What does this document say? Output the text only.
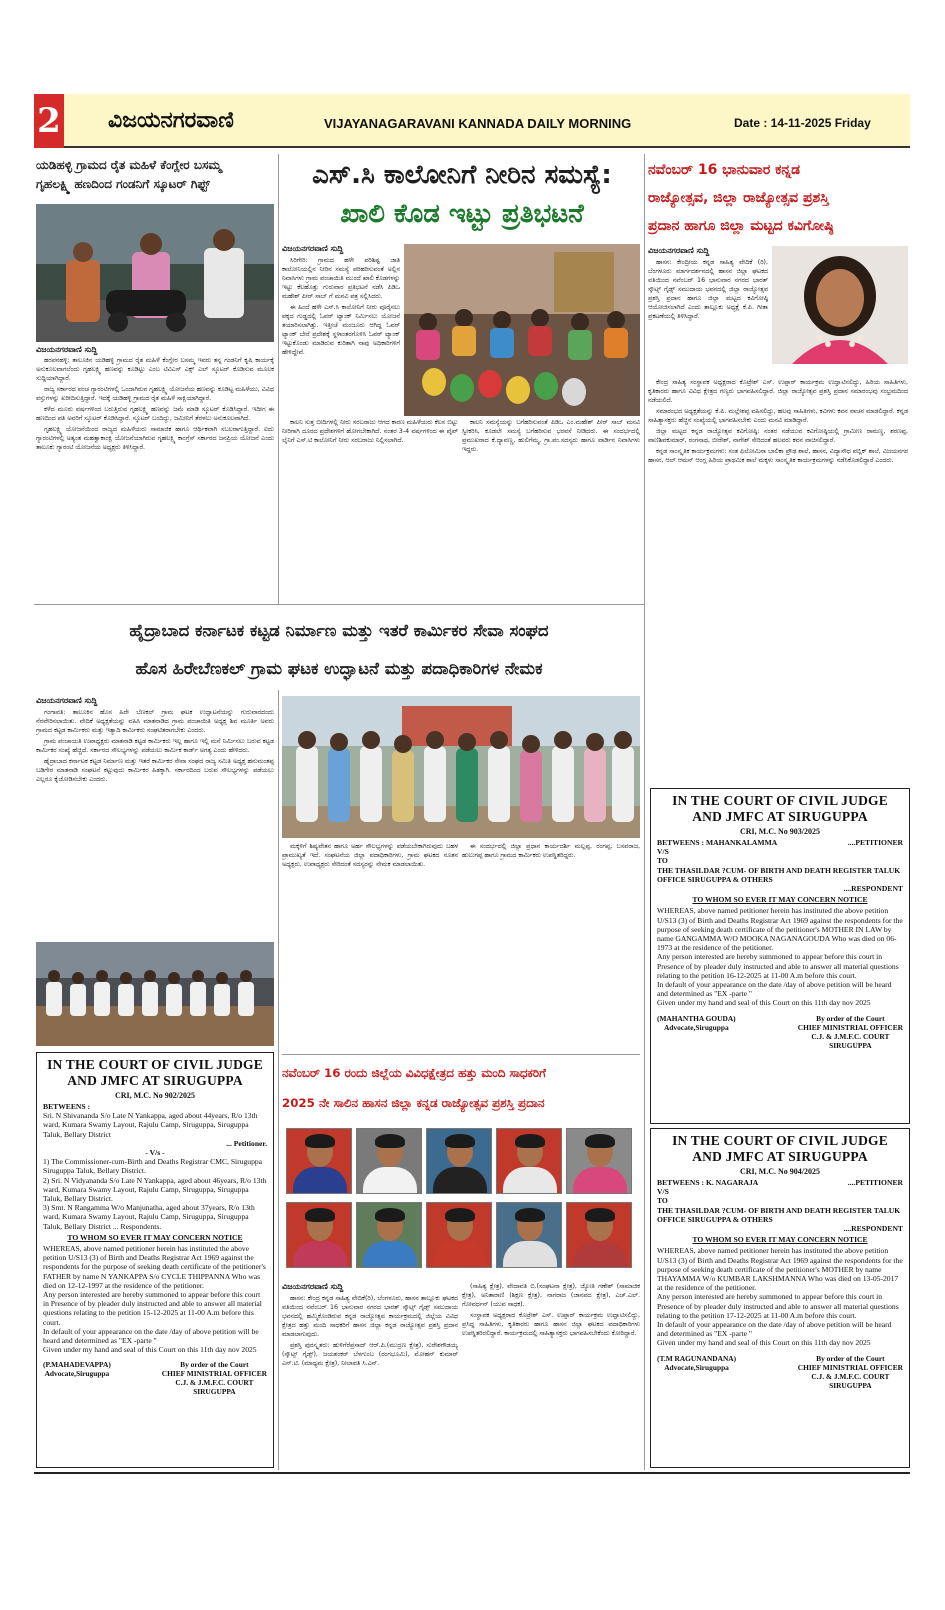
2 ವಿಜಯನಗರವಾಣಿ	VIJAYANAGARAVANI KANNADA DAILY MORNING	Date : 14-11-2025 Friday
ಯಡಿಹಳ್ಳಿ ಗ್ರಾಮದ ರೈತ ಮಹಿಳೆ ಕೆಂಗ್ಲೇರ ಬಸಮ್ಮ
ಗೃಹಲಕ್ಷ್ಮಿ ಹಣದಿಂದ ಗಂಡನಿಗೆ ಸ್ಕೂಟರ್ ಗಿಫ್ಟ್
ವಿಜಯನಗರವಾಣಿ ಸುದ್ದಿ

ಹರಪನಹಳ್ಳಿ: ತಾಲೂಕಿನ ಯಡಿಹಳ್ಳಿ ಗ್ರಾಮದ ರೈತ ಮಹಿಳೆ ಕೆಂಗ್ಲೇರ ಬಸಮ್ಮ ಇವರು ತನ್ನ ಗಂಡನಿಗೆ ಕೃಷಿ ಕಾರ್ಯಕ್ಕೆ ಅನುಕೂಲವಾಗಲೆಂದು ಗೃಹಲಕ್ಷ್ಮಿ ಹಣವನ್ನು ಕೂಡಿಟ್ಟು ಎಂಬ ಟಿವಿಎಸ್ ಎಕ್ಸ್ ಎಲ್ ಸ್ಕೂಟರ್ ಕೊಡಿಸುವ ಮೂಲಕ ಸುದ್ದಿಯಾಗಿದ್ದಾರೆ.

ರಾಜ್ಯ ಸರ್ಕಾರದ ಪಂಚ ಗ್ಯಾರಂಟಿಗಳಲ್ಲಿ ಒಂದಾಗಿರುವ ಗೃಹಲಕ್ಷ್ಮಿ ಯೋಜನೆಯ ಹಣವನ್ನು ಕೂಡಿಟ್ಟ ಮಹಿಳೆಯು, ವಿವಿಧ ವಸ್ತುಗಳನ್ನು ಖರೀದಿಸುತ್ತಿದ್ದಾರೆ. ಇದಕ್ಕೆ ಯಡಿಹಳ್ಳಿ ಗ್ರಾಮದ ರೈತ ಮಹಿಳೆ ಸಾಕ್ಷಿಯಾಗಿದ್ದಾರೆ.

ಕಳೆದ ಮೂರು ವರ್ಷಗಳಿಂದ ಬರುತ್ತಿರುವ ಗೃಹಲಕ್ಷ್ಮಿ ಹಣವನ್ನು ಜಮೆ ಮಾಡಿ ಸ್ಕೂಟರ್ ಕೊಡಿಸಿದ್ದಾರೆ. ಇದೀಗ ಈ ಹಣದಿಂದ ಪತಿ ಅವರಿಗೆ ಸ್ಕೂಟರ್ ಕೊಡಿಸಿದ್ದಾರೆ. ಸ್ಕೂಟರ್ ಬಂದಿದ್ದು, ಜಮೀನಿಗೆ ತೆರಳಲು ಅನುಕೂಲವಾಗಿದೆ.

ಗೃಹಲಕ್ಷ್ಮಿ ಯೋಜನೆಯಿಂದ ರಾಜ್ಯದ ಮಹಿಳೆಯರು ಸಾಮಾಜಿಕ ಹಾಗೂ ಆರ್ಥಿಕವಾಗಿ ಸಬಲರಾಗುತ್ತಿದ್ದಾರೆ. ಐದು ಗ್ಯಾರಂಟಿಗಳಲ್ಲಿ ಅತ್ಯಂತ ಮಹತ್ವಾಕಾಂಕ್ಷಿ ಯೋಜನೆಯಾಗಿರುವ ಗೃಹಲಕ್ಷ್ಮಿ ಕಾಂಗ್ರೆಸ್ ಸರ್ಕಾರದ ಜನಪ್ರಿಯ ಯೋಜನೆ ಎಂದು ತಾಲೂಕು ಗ್ಯಾರಂಟಿ ಯೋಜನೆಯ ಅಧ್ಯಕ್ಷರು ತಿಳಿಸಿದ್ದಾರೆ.

ಎಸ್.ಸಿ ಕಾಲೋನಿಗೆ ನೀರಿನ ಸಮಸ್ಯೆ:
ಖಾಲಿ ಕೊಡ ಇಟ್ಟು ಪ್ರತಿಭಟನೆ
ವಿಜಯನಗರವಾಣಿ ಸುದ್ದಿ

ಸಿರಿಗೇರಿ: ಗ್ರಾಮದ ಹಳೇ ಪರಿಶಿಷ್ಟ ಜಾತಿ ಕಾಲೋನಿಯಲ್ಲಿನ ನೀರಿನ ಸಮಸ್ಯೆ ಪರಿಹರಿಸುವಂತೆ ಅಲ್ಲಿನ ನಿವಾಸಿಗಳು ಗ್ರಾಮ ಪಂಚಾಯಿತಿ ಮುಂದೆ ಖಾಲಿ ಕೊಡಗಳನ್ನು ಇಟ್ಟು ಕೆಲಹೊತ್ತು ಗುರುವಾರ ಪ್ರತಿಭಟನೆ ನಡೆಸಿ ಪಿಡಿಒ ಮಹೇಶ್ ಪೀರ್ ಸಾಬ್ ಗೆ ಮನವಿ ಪತ್ರ ಸಲ್ಲಿಸಿದರು.

ಈ ಹಿಂದೆ ಹಳೇ ಎಸ್.ಸಿ ಕಾಲೋನಿಗೆ ನೀರು ಪೂರೈಸಲು ಪಕ್ಕದ ಗುಡ್ಡದಲ್ಲಿ ಓವರ್ ಟ್ಯಾಂಕ್ ನಿರ್ಮಿಸಲು ಯೋಜನೆ ತಯಾರಿಸಲಾಗಿತ್ತು. ಇತ್ತೀಚೆ ಮಂಜೂರು ಆಗಿದ್ದ ಓವರ್ ಟ್ಯಾಂಕ್ ಬೇರೆ ಪ್ರದೇಶಕ್ಕೆ ಸ್ಥಳಾಂತರಗೊಳಿಸಿ ಓವರ್ ಟ್ಯಾಂಕ್ ಇಟ್ಟುಕೊಂಡು ಮಾಡಿರುವ ಕುರಿತಾಗಿ ನಾವು ಅಧಿಕಾರಿಗಳಿಗೆ ಹೇಳಿದ್ದೇವೆ.

ಕಾಲನಿ ಸುತ್ತ ಬೀದಿಗಳಲ್ಲಿ ನೀರು ಸರಬರಾಜು ಆಗದ ಕಾರಣ ಮಹಿಳೆಯರು ಕೆಲಸ ಬಿಟ್ಟು ನೀರಿಗಾಗಿ ದೂರದ ಪ್ರದೇಶಗಳಿಗೆ ಹೋಗಬೇಕಾಗಿದೆ. ನಂತರ 3-4 ವರ್ಷಗಳಿಂದ ಈ ಪೈಪ್ ಲೈನಿಗೆ ಎಸ್.ಟಿ ಕಾಲೋನಿಗೆ ನೀರು ಸರಬರಾಜು ನಿಲ್ಲಿಸಲಾಗಿದೆ.

ಕಾಲನಿ ಸಮಸ್ಯೆಯನ್ನು ಬಗೆಹರಿಸುವಂತೆ ಪಿಡಿಒ ಎಂ.ಮಹೇಶ್ ಪೀರ್ ಸಾಬ್ ಮನವಿ ಸ್ವೀಕರಿಸಿ, ಕೂಡಲೇ ಸಮಸ್ಯೆ ಬಗೆಹರಿಸುವ ಭರವಸೆ ನೀಡಿದರು. ಈ ಸಂದರ್ಭದಲ್ಲಿ ಪ್ರಮುಖರಾದ ಕೆ.ದ್ಯಾವಣ್ಣ, ಹುಲಿಗೆಮ್ಮ, ಗ್ರಾ.ಪಂ.ಸದಸ್ಯರು ಹಾಗೂ ವಾರ್ಡಿನ ನಿವಾಸಿಗಳು ಇದ್ದರು.

ನವೆಂಬರ್ 16 ಭಾನುವಾರ ಕನ್ನಡ
ರಾಜ್ಯೋತ್ಸವ, ಜಿಲ್ಲಾ ರಾಜ್ಯೋತ್ಸವ ಪ್ರಶಸ್ತಿ
ಪ್ರದಾನ ಹಾಗೂ ಜಿಲ್ಲಾ ಮಟ್ಟದ ಕವಿಗೋಷ್ಠಿ
ವಿಜಯನಗರವಾಣಿ ಸುದ್ದಿ

ಹಾಸನ: ಕೇಂದ್ರೀಯ ಕನ್ನಡ ಸಾಹಿತ್ಯ ವೇದಿಕೆ (ರಿ), ಬೆಂಗಳೂರು ಮಾರ್ಗದರ್ಶನದಲ್ಲಿ ಹಾಸನ ಜಿಲ್ಲಾ ಘಟಕದ ವತಿಯಿಂದ ನವೆಂಬರ್ 16 ಭಾನುವಾರ ನಗರದ ಭಾರತ್ ಸ್ಕೌಟ್ಸ್ ಗೈಡ್ಸ್ ಸಮುದಾಯ ಭವನದಲ್ಲಿ ಜಿಲ್ಲಾ ರಾಜ್ಯೋತ್ಸವ ಪ್ರಶಸ್ತಿ ಪ್ರದಾನ ಹಾಗೂ ಜಿಲ್ಲಾ ಮಟ್ಟದ ಕವಿಗೋಷ್ಠಿ ಆಯೋಜಿಸಲಾಗಿದೆ ಎಂದು ತಾಲ್ಲೂಕು ಅಧ್ಯಕ್ಷೆ ಕೆ.ಪಿ. ಗೀತಾ ಪ್ರಕಟಣೆಯಲ್ಲಿ ತಿಳಿಸಿದ್ದಾರೆ.

ಕೇಂದ್ರ ಸಾಹಿತ್ಯ ಸಂಸ್ಥಾಪಕ ಅಧ್ಯಕ್ಷರಾದ ಕೊಟ್ರೇಶ್ ಎಸ್. ಉಪ್ಪಾರ್ ಕಾರ್ಯಕ್ರಮ ಉದ್ಘಾಟಿಸಲಿದ್ದು, ಹಿರಿಯ ಸಾಹಿತಿಗಳು, ಕೃತಿಕಾರರು ಹಾಗೂ ವಿವಿಧ ಕ್ಷೇತ್ರದ ಗಣ್ಯರು ಭಾಗವಹಿಸಲಿದ್ದಾರೆ. ಜಿಲ್ಲಾ ರಾಜ್ಯೋತ್ಸವ ಪ್ರಶಸ್ತಿ ಪ್ರದಾನ ಸಮಾರಂಭವು ಸಂಭ್ರಮದಿಂದ ನಡೆಯಲಿದೆ.

ಸಮಾರಂಭದ ಅಧ್ಯಕ್ಷತೆಯನ್ನು ಕೆ.ಪಿ. ಮಲ್ಲೇಶಪ್ಪ ವಹಿಸಲಿದ್ದು, ಹಲವು ಸಾಹಿತಿಗಳು, ಕವಿಗಳು ಕವನ ವಾಚನ ಮಾಡಲಿದ್ದಾರೆ. ಕನ್ನಡ ಸಾಹಿತ್ಯಾಸಕ್ತರು ಹೆಚ್ಚಿನ ಸಂಖ್ಯೆಯಲ್ಲಿ ಭಾಗವಹಿಸಬೇಕು ಎಂದು ಮನವಿ ಮಾಡಿದ್ದಾರೆ.

ಜಿಲ್ಲಾ ಮಟ್ಟದ ಕನ್ನಡ ರಾಜ್ಯೋತ್ಸವ ಕವಿಗೋಷ್ಠಿ: ನಂತರ ನಡೆಯುವ ಕವಿಗೋಷ್ಠಿಯಲ್ಲಿ ಗ್ರಾಮೀಣ ರಾಮಣ್ಣ, ಶರಣಪ್ಪ, ವಾಣಿಶಿವಕುಮಾರ್, ರಂಗನಾಥ, ಬೀರೇಶ್, ನಾಗೇಶ್ ಸೇರಿದಂತೆ ಹಲವರು ಕವನ ವಾಚಿಸಲಿದ್ದಾರೆ.

ಕನ್ನಡ ಸಾಂಸ್ಕೃತಿಕ ಕಾರ್ಯಕ್ರಮಗಳು: ಸಂತ ಫಿಲೋಮಿನಾ ಬಾಲಿಕಾ ಪ್ರೌಢ ಶಾಲೆ, ಹಾಸನ, ವಿದ್ಯಾಸೌಧ ಪಬ್ಲಿಕ್ ಶಾಲೆ, ವಿಜಯನಗರ ಹಾಸನ, ಆಲ್ ಆಮನ್ ಆಂಗ್ಲ ಹಿರಿಯ ಪ್ರಾಥಮಿಕ ಶಾಲೆ ಮಕ್ಕಳು ಸಾಂಸ್ಕೃತಿಕ ಕಾರ್ಯಕ್ರಮಗಳನ್ನು ನಡೆಸಿಕೊಡಲಿದ್ದಾರೆ ಎಂದರು.

ಹೈದ್ರಾಬಾದ ಕರ್ನಾಟಕ ಕಟ್ಟಡ ನಿರ್ಮಾಣ ಮತ್ತು ಇತರೆ ಕಾರ್ಮಿಕರ ಸೇವಾ ಸಂಘದ
ಹೊಸ ಹಿರೇಬೆಣಕಲ್ ಗ್ರಾಮ ಘಟಕ ಉದ್ಘಾಟನೆ ಮತ್ತು ಪದಾಧಿಕಾರಿಗಳ ನೇಮಕ
ವಿಜಯನಗರವಾಣಿ ಸುದ್ದಿ

ಗಂಗಾವತಿ: ತಾಲೂಕಿನ ಹೊಸ ಹಿರೇ ಬೆಣಕಲ್ ಗ್ರಾಮ ಘಟಕ ಉದ್ಘಾಟನೆಯನ್ನು ಗುರುವಾರದಂದು ನೆರವೇರಿಸಲಾಯಿತು. ವೇದಿಕೆ ಅಧ್ಯಕ್ಷತೆಯನ್ನು ವಹಿಸಿ ಮಾತನಾಡಿದ ಗ್ರಾಮ ಪಂಚಾಯಿತಿ ಅಧ್ಯಕ್ಷ ಶಿವ ಮೂರ್ತಿ ಅವರು ಗ್ರಾಮದ ಕಟ್ಟಡ ಕಾರ್ಮಿಕರು ಮತ್ತು ಇತ್ಯಾದಿ ಕಾರ್ಮಿಕರು ಸಂಘಟಿತರಾಗಬೇಕು ಎಂದರು.

ಗ್ರಾಮ ಪಂಚಾಯತಿ ಉಪಾಧ್ಯಕ್ಷರು ಮಾತನಾಡಿ ಕಟ್ಟಡ ಕಾರ್ಮಿಕರು ಇಲ್ಲ ಹಾಗೂ ಇಲ್ಲಿ ಮನೆ ನಿರ್ಮಿಸಲು ಬರುವ ಕಟ್ಟಡ ಕಾರ್ಮಿಕರ ಸಂಖ್ಯೆ ಹೆಚ್ಚಿದೆ. ಸರ್ಕಾರದ ಸೌಲಭ್ಯಗಳನ್ನು ಪಡೆಯಲು ಕಾರ್ಮಿಕ ಕಾರ್ಡ್ ಅಗತ್ಯ ಎಂದು ಹೇಳಿದರು.

ಹೈದ್ರಾಬಾದ ಕರ್ನಾಟಕ ಕಟ್ಟಡ ನಿರ್ಮಾಣ ಮತ್ತು ಇತರೆ ಕಾರ್ಮಿಕರ ಸೇವಾ ಸಂಘದ ರಾಜ್ಯ ಸಮಿತಿ ಅಧ್ಯಕ್ಷ ಹನುಮಂತಪ್ಪ ಬಡಿಗೇರ ಮಾತನಾಡಿ ಸಂಘಟನೆ ಕಟ್ಟುವುದು ಕಾರ್ಮಿಕರ ಹಿತಕ್ಕಾಗಿ. ಸರ್ಕಾರದಿಂದ ಬರುವ ಸೌಲಭ್ಯಗಳನ್ನು ಪಡೆಯಲು ಎಲ್ಲರೂ ಕೈಜೋಡಿಸಬೇಕು ಎಂದರು.

ಮಕ್ಕಳಿಗೆ ಶಿಷ್ಯವೇತನ ಹಾಗೂ ಅರ್ಹ ಸೌಲಭ್ಯಗಳನ್ನು ಪಡೆಯಬೇಕಾಗಿರುವುದು ಬಹಳ ಪ್ರಾಮುಖ್ಯತೆ ಇದೆ. ಸಂಘಟನೆಯ ಜಿಲ್ಲಾ ಪದಾಧಿಕಾರಿಗಳು, ಗ್ರಾಮ ಘಟಕದ ನೂತನ ಅಧ್ಯಕ್ಷರು, ಉಪಾಧ್ಯಕ್ಷರು ಸೇರಿದಂತೆ ಸದಸ್ಯರನ್ನು ನೇಮಕ ಮಾಡಲಾಯಿತು.

ಈ ಸಂದರ್ಭದಲ್ಲಿ ಜಿಲ್ಲಾ ಪ್ರಧಾನ ಕಾರ್ಯದರ್ಶಿ ಮಲ್ಲಪ್ಪ, ರಂಗಪ್ಪ, ಬಸವರಾಜ, ಹುಲುಗಪ್ಪ ಹಾಗೂ ಗ್ರಾಮದ ಕಾರ್ಮಿಕರು ಉಪಸ್ಥಿತರಿದ್ದರು.

ನವೆಂಬರ್ 16 ರಂದು ಜಿಲ್ಲೆಯ ವಿವಿಧಕ್ಷೇತ್ರದ ಹತ್ತು ಮಂದಿ ಸಾಧಕರಿಗೆ
2025 ನೇ ಸಾಲಿನ ಹಾಸನ ಜಿಲ್ಲಾ ಕನ್ನಡ ರಾಜ್ಯೋತ್ಸವ ಪ್ರಶಸ್ತಿ ಪ್ರದಾನ
ವಿಜಯನಗರವಾಣಿ ಸುದ್ದಿ

ಹಾಸನ: ಕೇಂದ್ರ ಕನ್ನಡ ಸಾಹಿತ್ಯ ವೇದಿಕೆ(ರಿ), ಬೆಂಗಳೂರು, ಹಾಸನ ತಾಲ್ಲೂಕು ಘಟಕದ ವತಿಯಿಂದ ನವೆಂಬರ್ 16 ಭಾನುವಾರ ನಗರದ ಭಾರತ್ ಸ್ಕೌಟ್ಸ್ ಗೈಡ್ಸ್ ಸಮುದಾಯ ಭವನದಲ್ಲಿ ಹಮ್ಮಿಕೊಂಡಿರುವ ಕನ್ನಡ ರಾಜ್ಯೋತ್ಸವ ಕಾರ್ಯಕ್ರಮದಲ್ಲಿ ಜಿಲ್ಲೆಯ ವಿವಿಧ ಕ್ಷೇತ್ರದ ಹತ್ತು ಮಂದಿ ಸಾಧಕರಿಗೆ ಹಾಸನ ಜಿಲ್ಲಾ ಕನ್ನಡ ರಾಜ್ಯೋತ್ಸವ ಪ್ರಶಸ್ತಿ ಪ್ರದಾನ ಮಾಡಲಾಗುವುದು.

ಪ್ರಶಸ್ತಿ ಪುರಸ್ಕೃತರು: ಹುಳಿಗೆರೆಪ್ರಸಾದ್ ಆರ್.ಪಿ.(ಮುದ್ರಣ ಕ್ಷೇತ್ರ), ಸುರೇಶಗೌಡಯ್ಯ (ಸ್ಕೌಟ್ಸ್ ಗೈಡ್ಸ್), ಜಯಶಂಕರ್ ಬೆಳಗುಂಬ (ರಂಗಭೂಮಿ), ಮೋಹನ್ ಕುಮಾರ್ ಎನ್.ಟಿ. (ಮಾಧ್ಯಮ ಕ್ಷೇತ್ರ), ನೀಲಾವತಿ ಸಿ.ಎನ್.

(ಸಾಹಿತ್ಯ ಕ್ಷೇತ್ರ), ವೇದಾವತಿ ಬಿ.(ಸಂಘಟನಾ ಕ್ಷೇತ್ರ), ಜ್ಯೋತಿ ಗಣೇಶ್ (ಸಾಮಾಜಿಕ ಕ್ಷೇತ್ರ), ಅನಿತಾರಾಣಿ (ಶಿಕ್ಷಣ ಕ್ಷೇತ್ರ), ನಾಗರಾಜ (ಜಾನಪದ ಕ್ಷೇತ್ರ), ಎಚ್.ಎಲ್. ಗೋವರ್ಧನ್ (ಯುವ ಸಾಧಕ).

ಸಂಸ್ಥಾಪಕ ಅಧ್ಯಕ್ಷರಾದ ಕೊಟ್ರೇಶ್ ಎಸ್. ಉಪ್ಪಾರ್ ಕಾರ್ಯಕ್ರಮ ಉದ್ಘಾಟಿಸಲಿದ್ದು, ಪ್ರಸಿದ್ಧ ಸಾಹಿತಿಗಳು, ಕೃತಿಕಾರರು ಹಾಗೂ ಹಾಸನ ಜಿಲ್ಲಾ ಘಟಕದ ಪದಾಧಿಕಾರಿಗಳು ಉಪಸ್ಥಿತರಿರಲಿದ್ದಾರೆ. ಕಾರ್ಯಕ್ರಮದಲ್ಲಿ ಸಾಹಿತ್ಯಾಸಕ್ತರು ಭಾಗವಹಿಸಬೇಕೆಂದು ಕೋರಿದ್ದಾರೆ.

IN THE COURT OF CIVIL JUDGE
AND JMFC AT SIRUGUPPA
CRI, M.C. No 902/2025
BETWEENS :
Sri. N Shivananda S/o Late N Yankappa, aged about 44years, R/o 13th ward, Kumara Swamy Layout, Rajulu Camp, Siruguppa, Siruguppa Taluk, Bellary District
... Petitioner.
- V/s -
1) The Commissioner-cum-Birth and Deaths Registrar CMC, Siruguppa Siruguppa Taluk, Bellary District.
2) Sri. N Vidyananda S/o Late N Yankappa, aged about 46years, R/o 13th ward, Kumara Swamy Layout, Rajulu Camp, Siruguppa, Siruguppa Taluk, Bellary District.
3) Smt. N Rangamma W/o Manjunatha, aged about 37years, R/o 13th ward, Kumara Swamy Layout, Rajulu Camp, Siruguppa, Siruguppa Taluk, Bellary District ... Respondents.
TO WHOM SO EVER IT MAY CONCERN NOTICE
WHEREAS, above named petitioner herein has instituted the above petition U/S13 (3) of Birth and Deaths Registrar Act 1969 against the respondents for the purpose of seeking death certificate of the petitioner's FATHER by name N YANKAPPA S/o CYCLE THIPPANNA Who was died on 12-12-1997 at the residence of the petitioner.
Any person interested are hereby summoned to appear before this court in Presence of by pleader duly instructed and able to answer all material questions relating to the petition 15-12-2025 at 11-00 A.m before this court.
In default of your appearance on the date /day of above petition will be heard and determined as "EX -parte "
Given under my hand and seal of this Court on this 11th day nov 2025
(P.MAHADEVAPPA)
Advocate,Siruguppa
By order of the Court
CHIEF MINISTRIAL OFFICER
C.J. & J.M.F.C. COURT
SIRUGUPPA
IN THE COURT OF CIVIL JUDGE
AND JMFC AT SIRUGUPPA
CRI, M.C. No 903/2025
BETWEENS : MAHANKALAMMA	....PETITIONER
V/S
TO
THE THASILDAR ?CUM- OF BIRTH AND DEATH REGISTER TALUK OFFICE SIRUGUPPA & OTHERS
....RESPONDENT
TO WHOM SO EVER IT MAY CONCERN NOTICE
WHEREAS, above named petitioner herein has instituted the above petition U/S13 (3) of Birth and Deaths Registrar Act 1969 against the respondents for the purpose of seeking death certificate of the petitioner's MOTHER IN LAW by name GANGAMMA W/O MOOKA NAGANAGOUDA Who was died on 06-1973 at the residence of the petitioner.
Any person interested are hereby summoned to appear before this court in Presence of by pleader duly instructed and able to answer all material questions relating to the petition 16-12-2025 at 11-00 A.m before this court.
In default of your appearance on the date /day of above petition will be heard and determined as "EX -parte "
Given under my hand and seal of this Court on this 11th day nov 2025
(MAHANTHA GOUDA)
Advocate,Siruguppa
By order of the Court
CHIEF MINISTRIAL OFFICER
C.J. & J.M.F.C. COURT
SIRUGUPPA
IN THE COURT OF CIVIL JUDGE
AND JMFC AT SIRUGUPPA
CRI, M.C. No 904/2025
BETWEENS : K. NAGARAJA	....PETITIONER
V/S
TO
THE THASILDAR ?CUM- OF BIRTH AND DEATH REGISTER TALUK OFFICE SIRUGUPPA & OTHERS
....RESPONDENT
TO WHOM SO EVER IT MAY CONCERN NOTICE
WHEREAS, above named petitioner herein has instituted the above petition U/S13 (3) of Birth and Deaths Registrar Act 1969 against the respondents for the purpose of seeking death certificate of the petitioner's MOTHER by name THAYAMMA W/o KUMBAR LAKSHMANNA Who was died on 13-05-2017 at the residence of the petitioner.
Any person interested are hereby summoned to appear before this court in Presence of by pleader duly instructed and able to answer all material questions relating to the petition 17-12-2025 at 11-00 A.m before this court.
In default of your appearance on the date /day of above petition will be heard and determined as "EX -parte "
Given under my hand and seal of this Court on this 11th day nov 2025
(T.M RAGUNANDANA)
Advocate,Siruguppa
By order of the Court
CHIEF MINISTRIAL OFFICER
C.J. & J.M.F.C. COURT
SIRUGUPPA
